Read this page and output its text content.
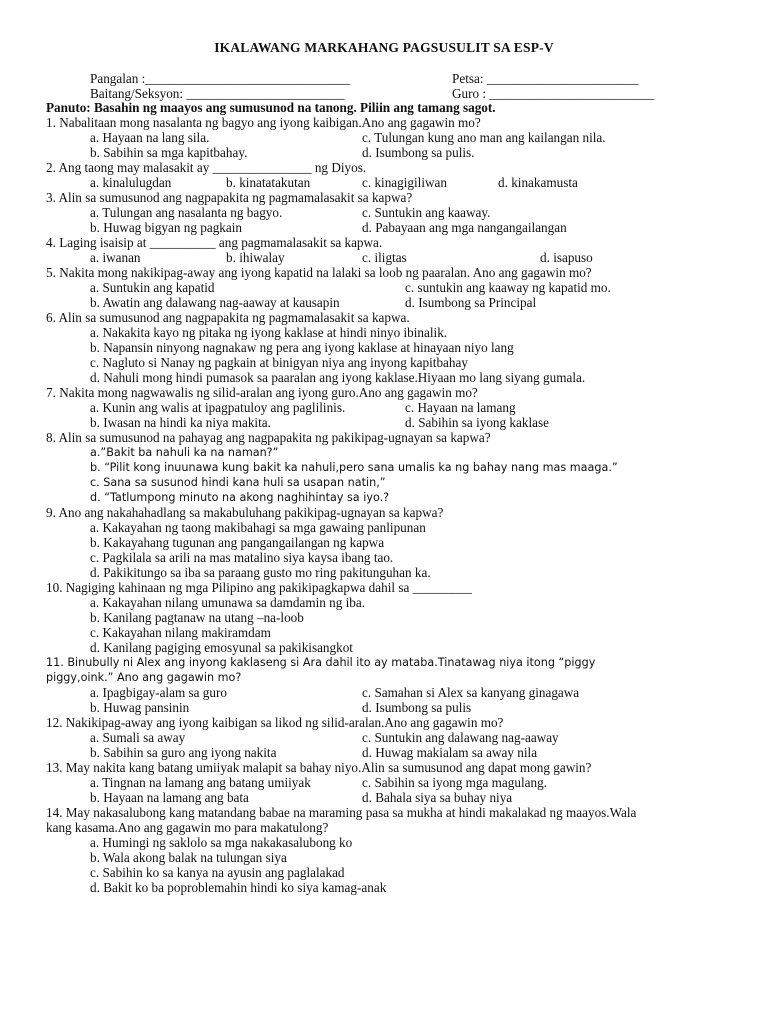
IKALAWANG MARKAHANG PAGSUSULIT SA ESP-V
Pangalan :_______________________________	Petsa: _______________________
Baitang/Seksyon: ________________________	Guro : _________________________
Panuto: Basahin ng maayos ang sumusunod na tanong. Piliin ang tamang sagot.
1. Nabalitaan mong nasalanta ng bagyo ang iyong kaibigan.Ano ang gagawin mo?
a. Hayaan na lang sila.	c. Tulungan kung ano man ang kailangan nila.
b. Sabihin sa mga kapitbahay.	d. Isumbong sa pulis.
2. Ang taong may malasakit ay _______________ ng Diyos.
a. kinalulugdan	b. kinatatakutan	c. kinagigiliwan	d. kinakamusta
3. Alin sa sumusunod ang nagpapakita ng pagmamalasakit sa kapwa?
a. Tulungan ang nasalanta ng bagyo.	c. Suntukin ang kaaway.
b. Huwag bigyan ng pagkain	d. Pabayaan ang mga nangangailangan
4. Laging isaisip at __________ ang pagmamalasakit sa kapwa.
a. iwanan	b. ihiwalay	c. iligtas	d. isapuso
5. Nakita mong nakikipag-away ang iyong kapatid na lalaki sa loob ng paaralan. Ano ang gagawin mo?
a. Suntukin ang kapatid	c. suntukin ang kaaway ng kapatid mo.
b. Awatin ang dalawang nag-aaway at kausapin	d. Isumbong sa Principal
6. Alin sa sumusunod ang nagpapakita ng pagmamalasakit sa kapwa.
a. Nakakita kayo ng pitaka ng iyong kaklase at hindi ninyo ibinalik.
b. Napansin ninyong nagnakaw ng pera ang iyong kaklase at hinayaan niyo lang
c. Nagluto si Nanay ng pagkain at binigyan niya ang inyong kapitbahay
d. Nahuli mong hindi pumasok sa paaralan ang iyong kaklase.Hiyaan mo lang siyang gumala.
7. Nakita mong nagwawalis ng silid-aralan ang iyong guro.Ano ang gagawin mo?
a. Kunin ang walis at ipagpatuloy ang paglilinis.	c. Hayaan na lamang
b. Iwasan na hindi ka niya makita.	d. Sabihin sa iyong kaklase
8. Alin sa sumusunod na pahayag ang nagpapakita ng pakikipag-ugnayan sa kapwa?
a.”Bakit ba nahuli ka na naman?”
b. “Pilit kong inuunawa kung bakit ka nahuli,pero sana umalis ka ng bahay nang mas maaga.”
c. Sana sa susunod hindi kana huli sa usapan natin,”
d. “Tatlumpong minuto na akong naghihintay sa iyo.?
9. Ano ang nakahahadlang sa makabuluhang pakikipag-ugnayan sa kapwa?
a. Kakayahan ng taong makibahagi sa mga gawaing panlipunan
b. Kakayahang tugunan ang pangangailangan ng kapwa
c. Pagkilala sa arili na mas matalino siya kaysa ibang tao.
d. Pakikitungo sa iba sa paraang gusto mo ring pakitunguhan ka.
10. Nagiging kahinaan ng mga Pilipino ang pakikipagkapwa dahil sa _________
a. Kakayahan nilang umunawa sa damdamin ng iba.
b. Kanilang pagtanaw na utang –na-loob
c. Kakayahan nilang makiramdam
d. Kanilang pagiging emosyunal sa pakikisangkot
11. Binubully ni Alex ang inyong kaklaseng si Ara dahil ito ay mataba.Tinatawag niya itong “piggy piggy,oink.” Ano ang gagawin mo?
a. Ipagbigay-alam sa guro	c. Samahan si Alex sa kanyang ginagawa
b. Huwag pansinin	d. Isumbong sa pulis
12. Nakikipag-away ang iyong kaibigan sa likod ng silid-aralan.Ano ang gagawin mo?
a. Sumali sa away	c. Suntukin ang dalawang nag-aaway
b. Sabihin sa guro ang iyong nakita	d. Huwag makialam sa away nila
13. May nakita kang batang umiiyak malapit sa bahay niyo.Alin sa sumusunod ang dapat mong gawin?
a. Tingnan na lamang ang batang umiiyak	c. Sabihin sa iyong mga magulang.
b. Hayaan na lamang ang bata	d. Bahala siya sa buhay niya
14. May nakasalubong kang matandang babae na maraming pasa sa mukha at hindi makalakad ng maayos.Wala kang kasama.Ano ang gagawin mo para makatulong?
a. Humingi ng saklolo sa mga nakakasalubong ko
b. Wala akong balak na tulungan siya
c. Sabihin ko sa kanya na ayusin ang paglalakad
d. Bakit ko ba poproblemahin hindi ko siya kamag-anak
